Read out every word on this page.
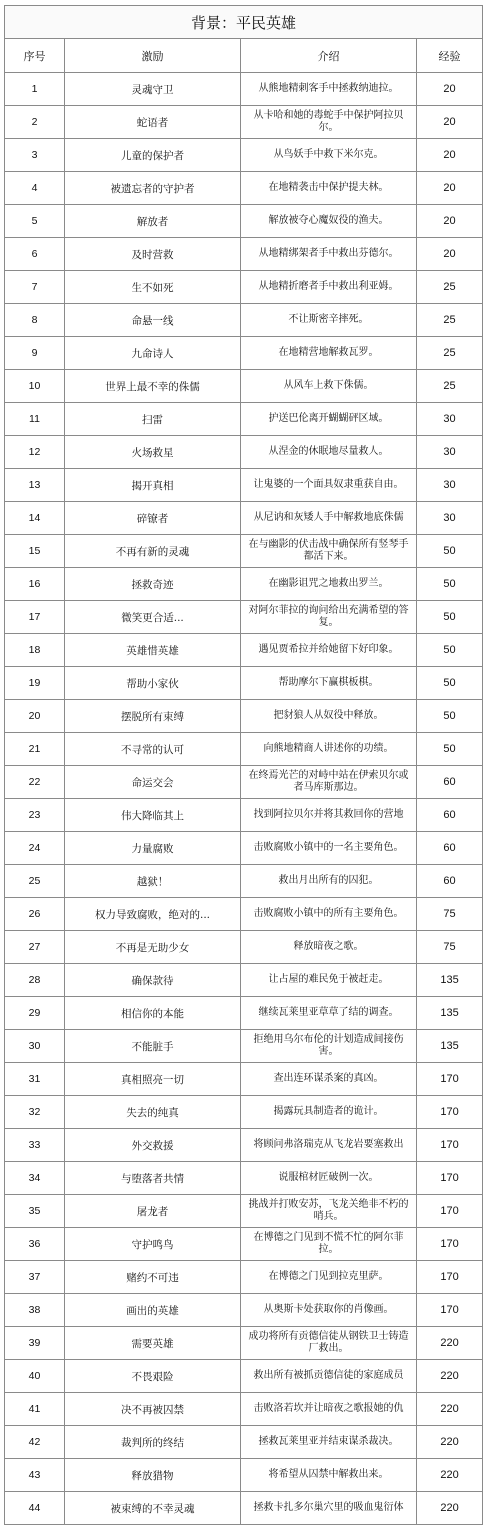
背景：平民英雄			
序号	激励	介绍	经验
1	灵魂守卫	从熊地精刺客手中拯救纳迪拉。	20
2	蛇语者	从卡哈和她的毒蛇手中保护阿拉贝尔。	20
3	儿童的保护者	从鸟妖手中救下米尔克。	20
4	被遗忘者的守护者	在地精袭击中保护提夫林。	20
5	解放者	解放被夺心魔奴役的渔夫。	20
6	及时营救	从地精绑架者手中救出芬德尔。	20
7	生不如死	从地精折磨者手中救出利亚姆。	25
8	命悬一线	不让斯密辛摔死。	25
9	九命诗人	在地精营地解救瓦罗。	25
10	世界上最不幸的侏儒	从风车上救下侏儒。	25
11	扫雷	护送巴伦离开蝴蝴砰区域。	30
12	火场救星	从涅金的休眠地尽量救人。	30
13	揭开真相	让鬼婆的一个面具奴隶重获自由。	30
14	碎镣者	从尼讷和灰矮人手中解救地底侏儒	30
15	不再有新的灵魂	在与幽影的伏击战中确保所有竖琴手都活下来。	50
16	拯救奇迹	在幽影诅咒之地救出罗兰。	50
17	微笑更合适...	对阿尔菲拉的询问给出充满希望的答复。	50
18	英雄惜英雄	遇见贾希拉并给她留下好印象。	50
19	帮助小家伙	帮助摩尔下赢棋板棋。	50
20	摆脱所有束缚	把豺狼人从奴役中释放。	50
21	不寻常的认可	向熊地精商人讲述你的功绩。	50
22	命运交会	在终焉光芒的对峙中站在伊索贝尔或者马库斯那边。	60
23	伟大降临其上	找到阿拉贝尔并将其救回你的营地	60
24	力量腐败	击败腐败小镇中的一名主要角色。	60
25	越狱！	救出月出所有的囚犯。	60
26	权力导致腐败，绝对的...	击败腐败小镇中的所有主要角色。	75
27	不再是无助少女	释放暗夜之歌。	75
28	确保款待	让占屋的难民免于被赶走。	135
29	相信你的本能	继续瓦莱里亚草草了结的调查。	135
30	不能脏手	拒绝用乌尔布伦的计划造成间接伤害。	135
31	真相照亮一切	查出连环谋杀案的真凶。	170
32	失去的纯真	揭露玩具制造者的诡计。	170
33	外交救援	将顾问弗洛瑞克从飞龙岩要塞救出	170
34	与堕落者共情	说服棺材匠破例一次。	170
35	屠龙者	挑战并打败安苏，飞龙关绝非不朽的哨兵。	170
36	守护鸣鸟	在博德之门见到不慌不忙的阿尔菲拉。	170
37	赌约不可违	在博德之门见到拉克里萨。	170
38	画出的英雄	从奥斯卡处获取你的肖像画。	170
39	需要英雄	成功将所有贡德信徒从钢铁卫士铸造厂救出。	220
40	不畏艰险	救出所有被抓贡德信徒的家庭成员	220
41	决不再被囚禁	击败洛若坎并让暗夜之歌报她的仇	220
42	裁判所的终结	拯救瓦莱里亚并结束谋杀裁决。	220
43	释放猎物	将希望从囚禁中解救出来。	220
44	被束缚的不幸灵魂	拯救卡扎多尔巢穴里的吸血鬼衍体	220
